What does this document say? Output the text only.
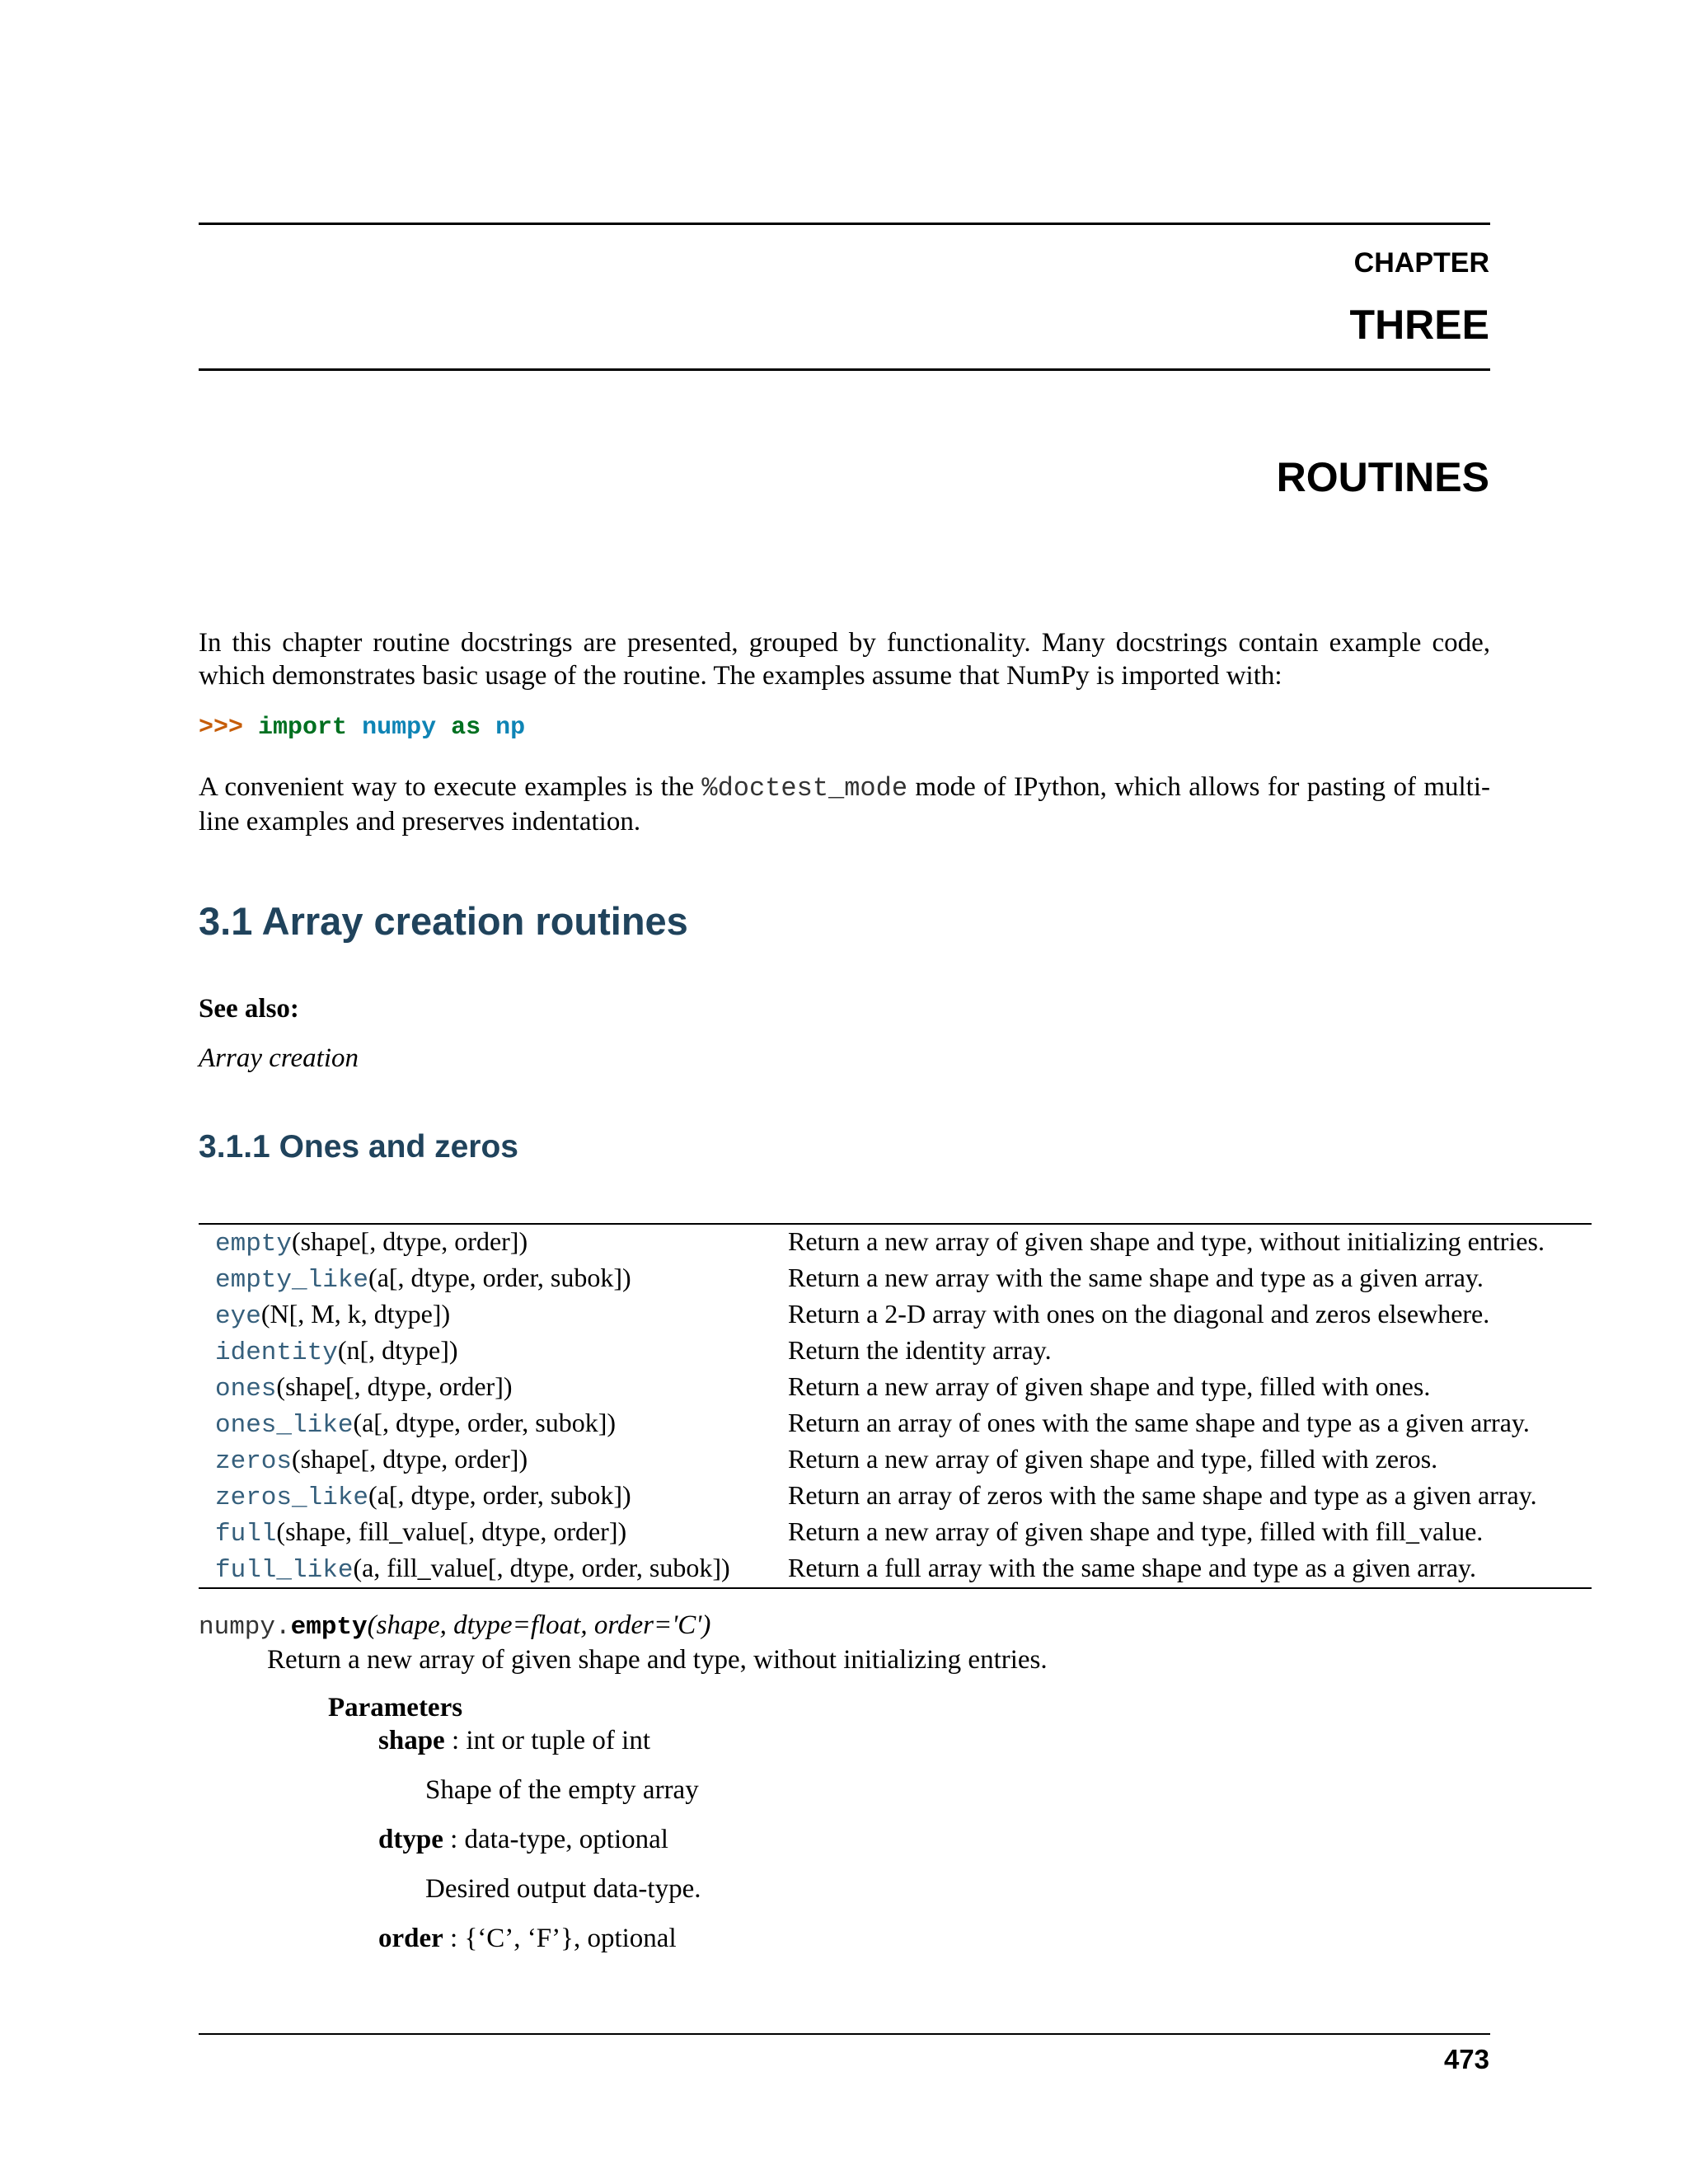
CHAPTER
THREE
ROUTINES
In this chapter routine docstrings are presented, grouped by functionality. Many docstrings contain example code, which demonstrates basic usage of the routine. The examples assume that NumPy is imported with:
>>> import numpy as np
A convenient way to execute examples is the %doctest_mode mode of IPython, which allows for pasting of multi-line examples and preserves indentation.
3.1 Array creation routines
See also:
Array creation
3.1.1 Ones and zeros
empty(shape[, dtype, order])	Return a new array of given shape and type, without initializing entries.
empty_like(a[, dtype, order, subok])	Return a new array with the same shape and type as a given array.
eye(N[, M, k, dtype])	Return a 2-D array with ones on the diagonal and zeros elsewhere.
identity(n[, dtype])	Return the identity array.
ones(shape[, dtype, order])	Return a new array of given shape and type, filled with ones.
ones_like(a[, dtype, order, subok])	Return an array of ones with the same shape and type as a given array.
zeros(shape[, dtype, order])	Return a new array of given shape and type, filled with zeros.
zeros_like(a[, dtype, order, subok])	Return an array of zeros with the same shape and type as a given array.
full(shape, fill_value[, dtype, order])	Return a new array of given shape and type, filled with fill_value.
full_like(a, fill_value[, dtype, order, subok])	Return a full array with the same shape and type as a given array.
numpy.empty(shape, dtype=float, order='C')
Return a new array of given shape and type, without initializing entries.
Parameters
shape : int or tuple of int
Shape of the empty array
dtype : data-type, optional
Desired output data-type.
order : {‘C’, ‘F’}, optional
473
